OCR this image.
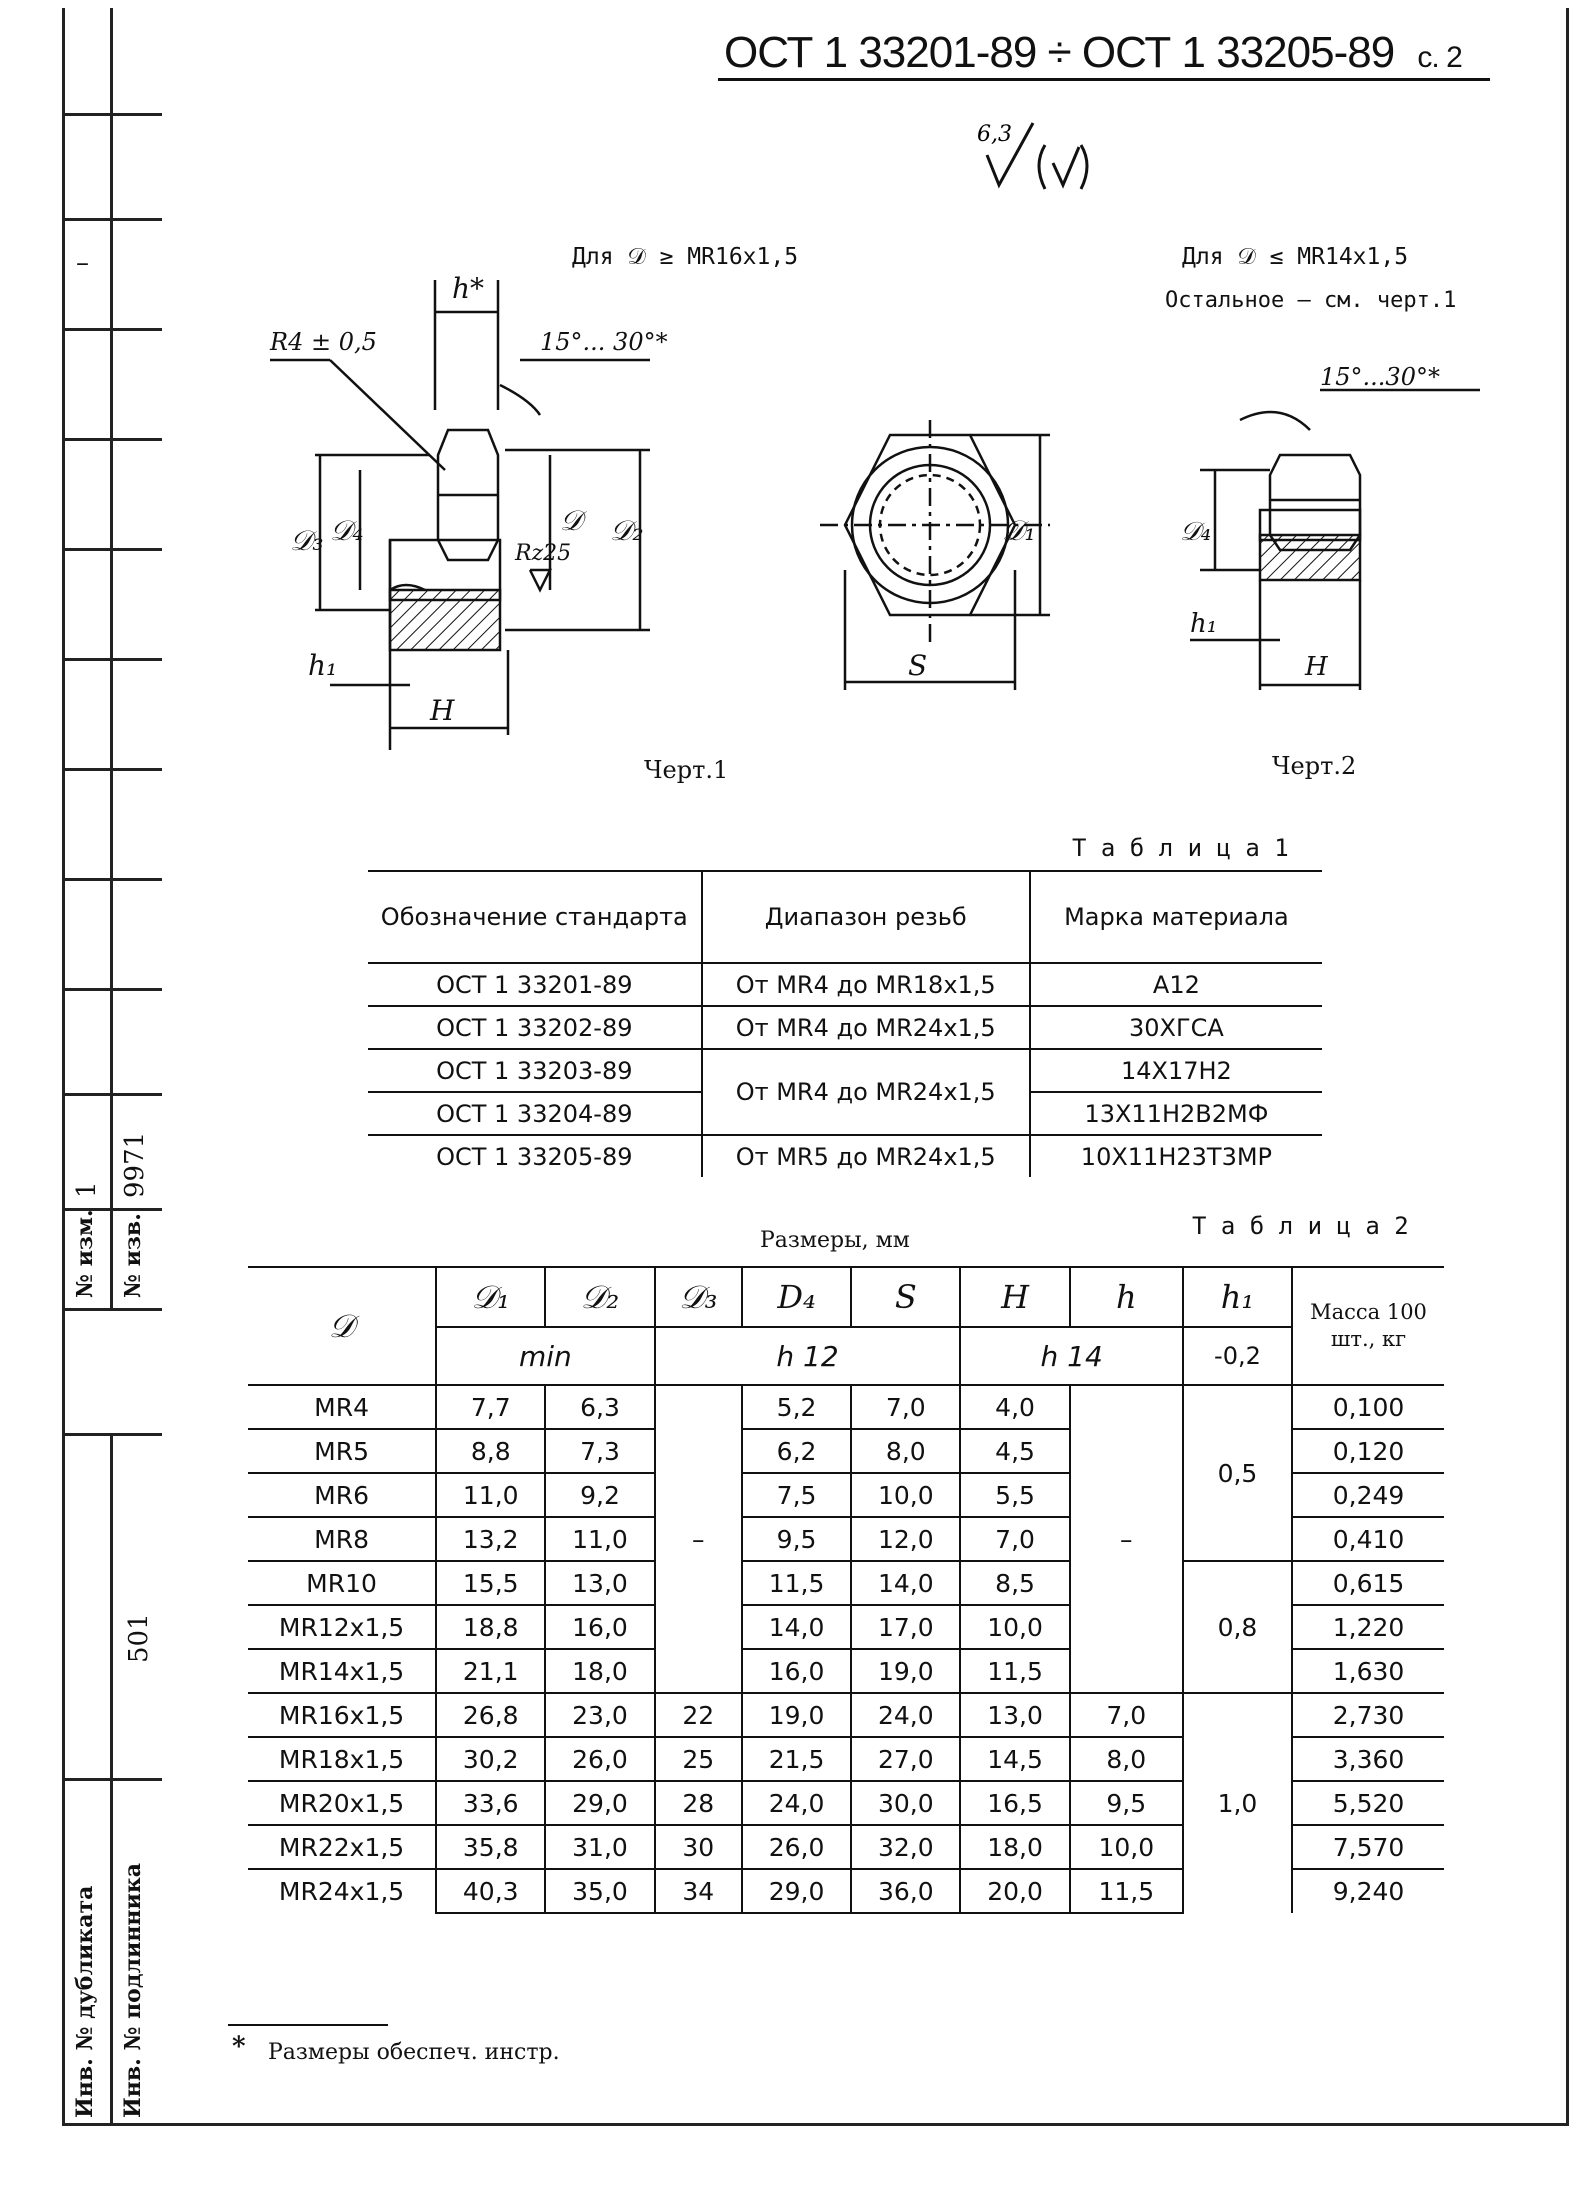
–
1 9971
№ изм. № изв.
501
Инв. № дубликата Инв. № подлинника
ОСТ 1 33201-89 ÷ ОСТ 1 33205-89 с. 2
6,3
Для 𝒟 ≥ MR16x1,5	Для 𝒟 ≤ MR14x1,5
Остальное – см. черт.1
R4 ± 0,5	15°... 30°*
h*
𝒟₃ 𝒟₄	𝒟 𝒟₂
Rz25
h₁
H
𝒟₁
S
15°...30°*
𝒟₄
h₁
H
Черт.1	Черт.2
Т а б л и ц а 1
Обозначение стандарта	Диапазон резьб	Марка материала
ОСТ 1 33201-89	От MR4 до MR18x1,5	А12
ОСТ 1 33202-89	От MR4 до MR24x1,5	30ХГСА
ОСТ 1 33203-89	От MR4 до MR24x1,5	14Х17Н2
ОСТ 1 33204-89		13Х11Н2В2МФ
ОСТ 1 33205-89	От MR5 до MR24x1,5	10Х11Н23Т3МР
Размеры, мм
Т а б л и ц а 2
𝒟	𝒟₁	𝒟₂	𝒟₃	D₄	S	H	h	h₁	Масса 100 шт., кг
	min		h 12			h 14		-0,2	
MR4	7,7	6,3	–	5,2	7,0	4,0	–	0,5	0,100
MR5	8,8	7,3		6,2	8,0	4,5			0,120
MR6	11,0	9,2		7,5	10,0	5,5			0,249
MR8	13,2	11,0		9,5	12,0	7,0			0,410
MR10	15,5	13,0		11,5	14,0	8,5		0,8	0,615
MR12x1,5	18,8	16,0		14,0	17,0	10,0			1,220
MR14x1,5	21,1	18,0		16,0	19,0	11,5			1,630
MR16x1,5	26,8	23,0	22	19,0	24,0	13,0	7,0	1,0	2,730
MR18x1,5	30,2	26,0	25	21,5	27,0	14,5	8,0		3,360
MR20x1,5	33,6	29,0	28	24,0	30,0	16,5	9,5		5,520
MR22x1,5	35,8	31,0	30	26,0	32,0	18,0	10,0		7,570
MR24x1,5	40,3	35,0	34	29,0	36,0	20,0	11,5		9,240
* Размеры обеспеч. инстр.
